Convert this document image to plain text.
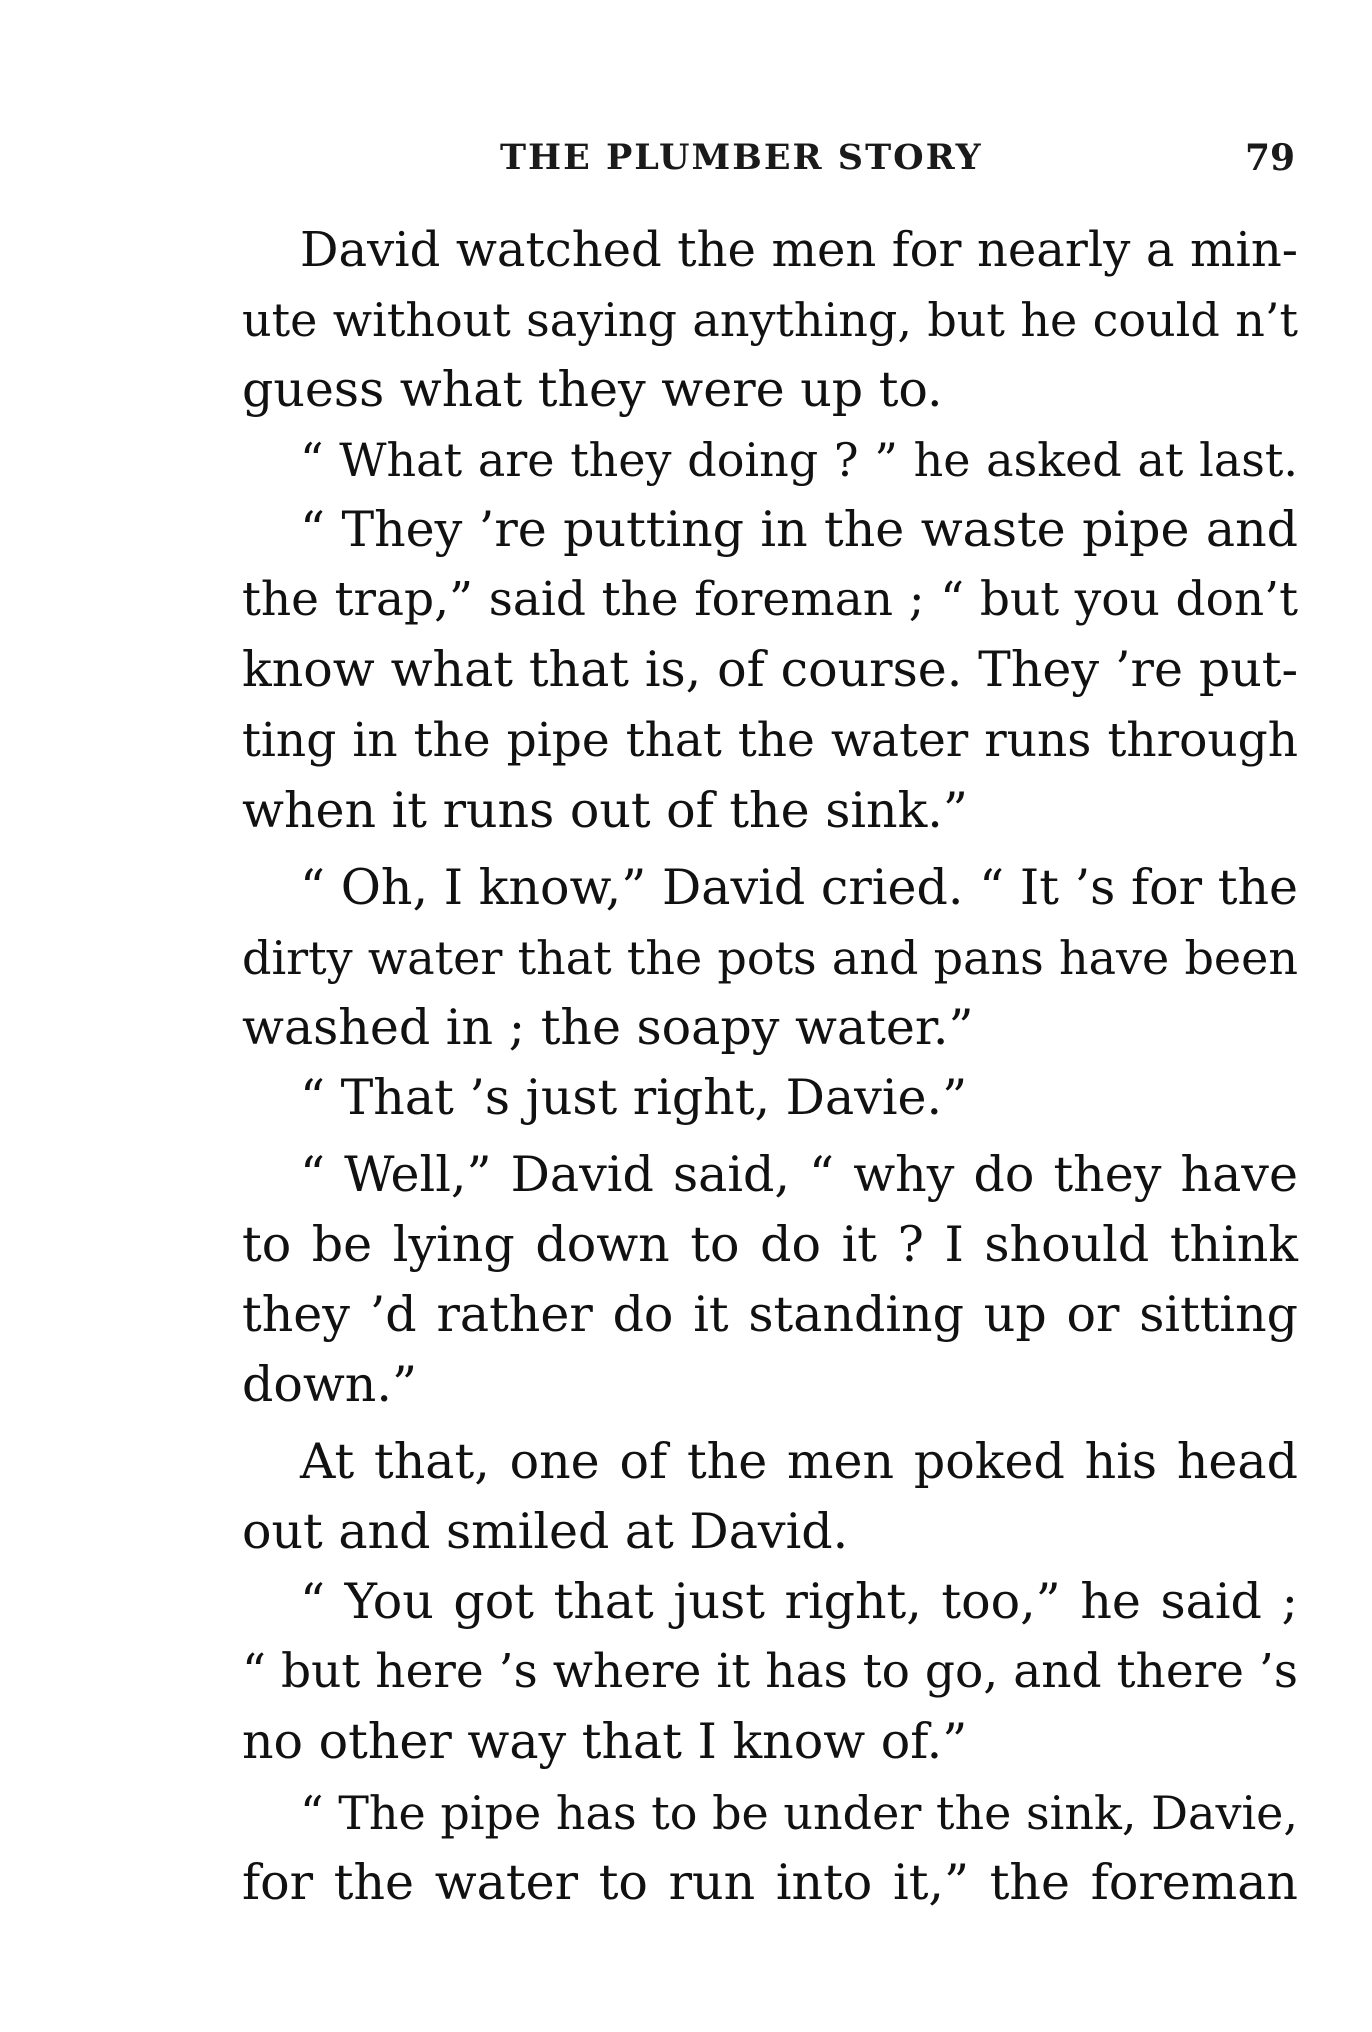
THE PLUMBER STORY	79
David watched the men for nearly a min-
ute without saying anything, but he could n’t
guess what they were up to.
“ What are they doing ? ” he asked at last.
“ They ’re putting in the waste pipe and
the trap,” said the foreman ; “ but you don’t
know what that is, of course. They ’re put-
ting in the pipe that the water runs through
when it runs out of the sink.”
“ Oh, I know,” David cried. “ It ’s for the
dirty water that the pots and pans have been
washed in ; the soapy water.”
“ That ’s just right, Davie.”
“ Well,” David said, “ why do they have
to be lying down to do it ? I should think
they ’d rather do it standing up or sitting
down.”
At that, one of the men poked his head
out and smiled at David.
“ You got that just right, too,” he said ;
“ but here ’s where it has to go, and there ’s
no other way that I know of.”
“ The pipe has to be under the sink, Davie,
for the water to run into it,” the foreman
